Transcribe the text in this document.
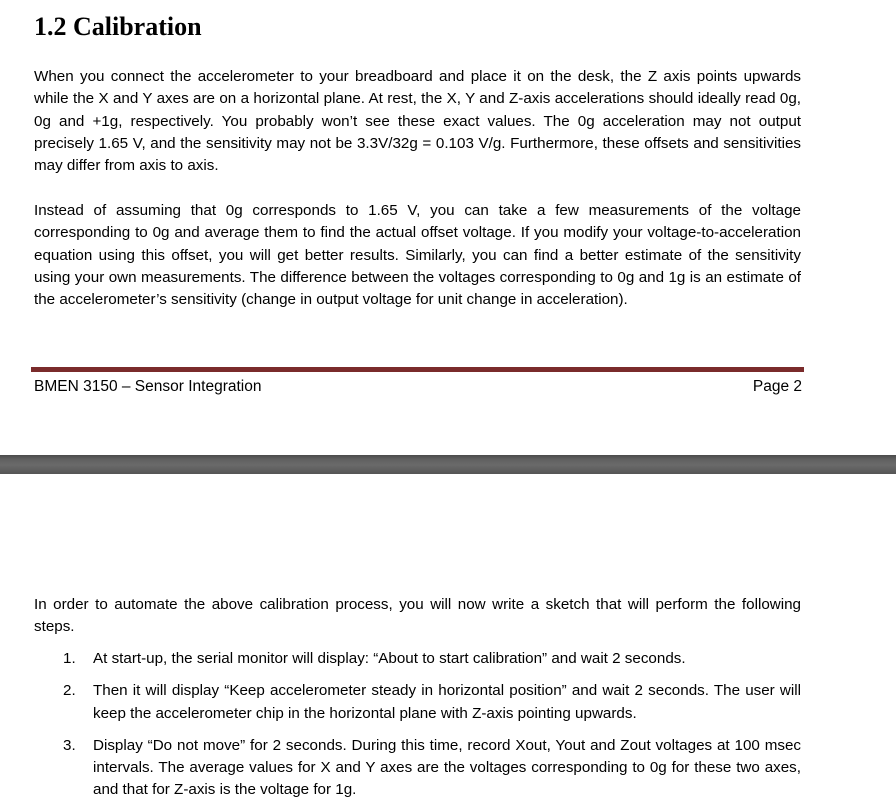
1.2 Calibration

When you connect the accelerometer to your breadboard and place it on the desk, the Z axis points upwards while the X and Y axes are on a horizontal plane. At rest, the X, Y and Z-axis accelerations should ideally read 0g, 0g and +1g, respectively. You probably won’t see these exact values. The 0g acceleration may not output precisely 1.65 V, and the sensitivity may not be 3.3V/32g = 0.103 V/g. Furthermore, these offsets and sensitivities may differ from axis to axis.

Instead of assuming that 0g corresponds to 1.65 V, you can take a few measurements of the voltage corresponding to 0g and average them to find the actual offset voltage. If you modify your voltage-to-acceleration equation using this offset, you will get better results. Similarly, you can find a better estimate of the sensitivity using your own measurements. The difference between the voltages corresponding to 0g and 1g is an estimate of the accelerometer’s sensitivity (change in output voltage for unit change in acceleration).

BMEN 3150 – Sensor Integration	Page 2

In order to automate the above calibration process, you will now write a sketch that will perform the following steps.

1. At start-up, the serial monitor will display: “About to start calibration” and wait 2 seconds.
2. Then it will display “Keep accelerometer steady in horizontal position” and wait 2 seconds. The user will keep the accelerometer chip in the horizontal plane with Z-axis pointing upwards.
3. Display “Do not move” for 2 seconds. During this time, record Xout, Yout and Zout voltages at 100 msec intervals. The average values for X and Y axes are the voltages corresponding to 0g for these two axes, and that for Z-axis is the voltage for 1g.
